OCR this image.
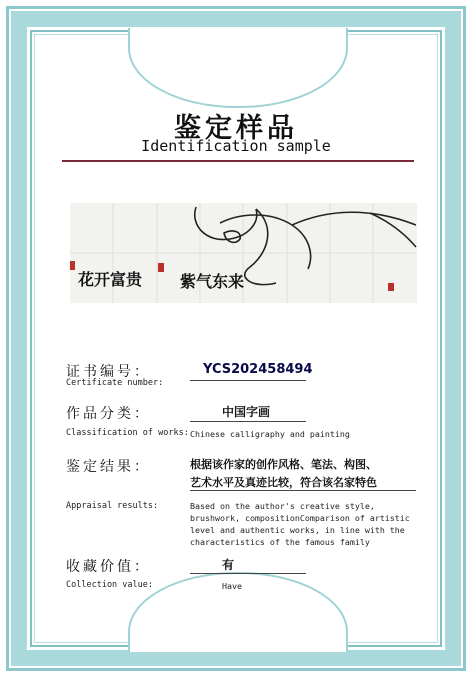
鉴定样品
Identification sample
花开富贵 紫气东来
证书编号：
Certificate number:
YCS202458494
作品分类：	中国字画
Classification of works: Chinese calligraphy and painting
鉴定结果：	根据该作家的创作风格、笔法、构图、
艺术水平及真迹比较，符合该名家特色
Appraisal results:	Based on the author's creative style,
brushwork, compositionComparison of artistic
level and authentic works, in line with the
characteristics of the famous family
收藏价值：	有
Collection value:	Have
